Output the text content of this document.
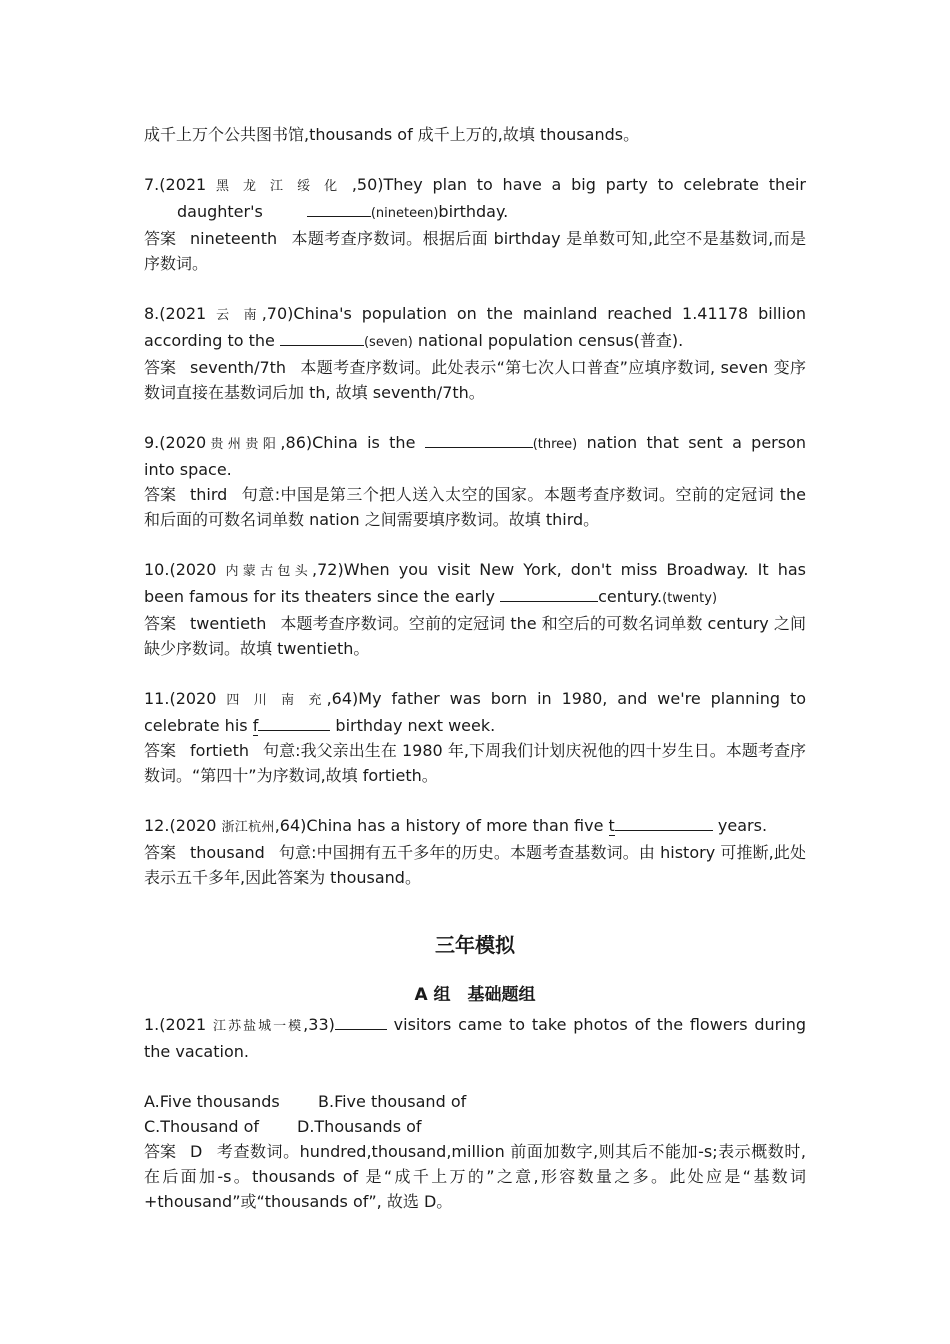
成千上万个公共图书馆,thousands of 成千上万的,故填 thousands。

7.(2021 黑 龙 江 绥 化 ,50)They plan to have a big party to celebrate their

daughter's	(nineteen)birthday.

答案 nineteenth 本题考查序数词。根据后面 birthday 是单数可知,此空不是基数词,而是序数词。

8.(2021 云 南,70)China's population on the mainland reached 1.41178 billion

according to the	(seven) national population census(普查).

答案 seventh/7th 本题考查序数词。此处表示“第七次人口普查”应填序数词, seven 变序数词直接在基数词后加 th, 故填 seventh/7th。

9.(2020贵州贵阳,86)China is the	(three) nation that sent a person

into space.

答案 third 句意:中国是第三个把人送入太空的国家。本题考查序数词。空前的定冠词 the 和后面的可数名词单数 nation 之间需要填序数词。故填 third。

10.(2020 内蒙古包头,72)When you visit New York, don't miss Broadway. It has

been famous for its theaters since the early	century.(twenty)

答案 twentieth 本题考查序数词。空前的定冠词 the 和空后的可数名词单数 century 之间缺少序数词。故填 twentieth。

11.(2020 四 川 南 充,64)My father was born in 1980, and we're planning to

celebrate his f	birthday next week.

答案 fortieth 句意:我父亲出生在 1980 年,下周我们计划庆祝他的四十岁生日。本题考查序数词。“第四十”为序数词,故填 fortieth。

12.(2020 浙江杭州,64)China has a history of more than five t	years.

答案 thousand 句意:中国拥有五千多年的历史。本题考查基数词。由 history 可推断,此处表示五千多年,因此答案为 thousand。

三年模拟
A 组　基础题组

1.(2021 江苏盐城一模,33)	visitors came to take photos of the flowers during

the vacation.

A.Five thousands B.Five thousand of

C.Thousand of D.Thousands of

答案 D 考查数词。hundred,thousand,million 前面加数字,则其后不能加-s;表示概数时,在后面加-s。thousands of 是“成千上万的”之意,形容数量之多。此处应是“基数词+thousand”或“thousands of”, 故选 D。
